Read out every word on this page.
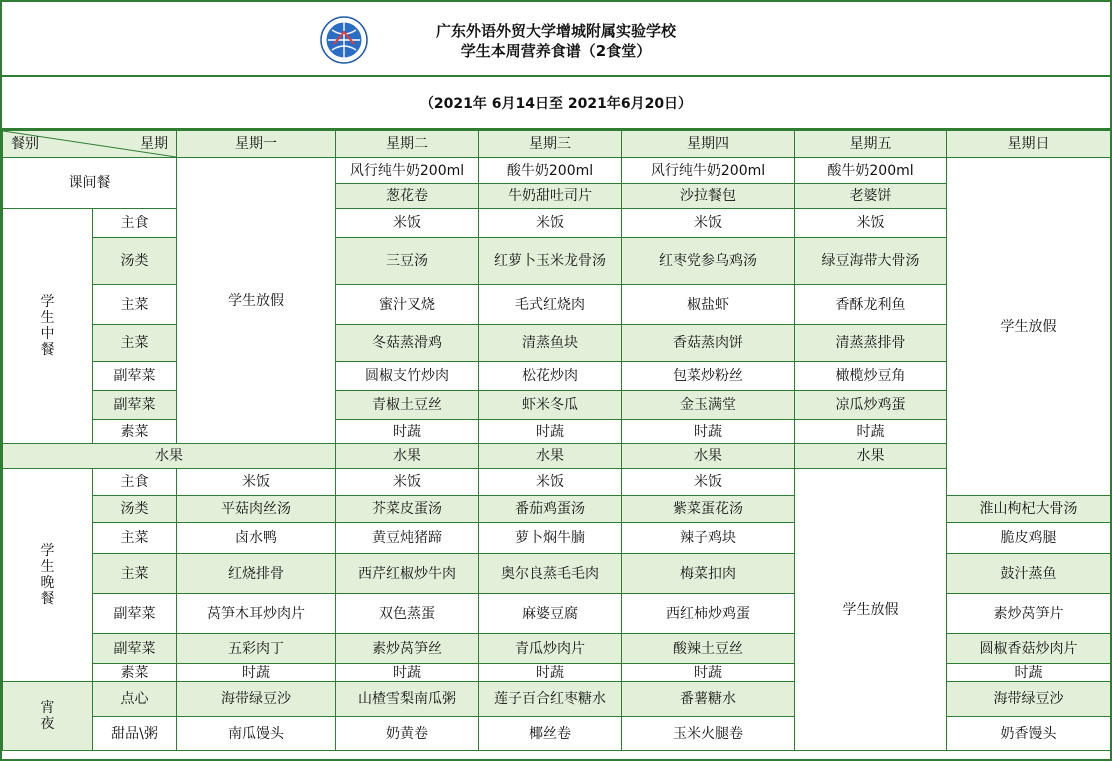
广东外语外贸大学增城附属实验学校
学生本周营养食谱（2食堂）
（2021年 6月14日至 2021年6月20日）
餐别 星期		星期一	星期二	星期三	星期四	星期五	星期日	
课间餐		学生放假	风行纯牛奶200ml	酸牛奶200ml	风行纯牛奶200ml	酸牛奶200ml	学生放假	
			葱花卷	牛奶甜吐司片	沙拉餐包	老婆饼		
学
生
中
餐	主食		米饭	米饭	米饭	米饭		
	汤类		三豆汤	红萝卜玉米龙骨汤	红枣党参乌鸡汤	绿豆海带大骨汤		
	主菜		蜜汁叉烧	毛式红烧肉	椒盐虾	香酥龙利鱼		
	主菜		冬菇蒸滑鸡	清蒸鱼块	香菇蒸肉饼	清蒸蒸排骨		
	副荤菜		圆椒支竹炒肉	松花炒肉	包菜炒粉丝	橄榄炒豆角		
	副荤菜		青椒土豆丝	虾米冬瓜	金玉满堂	凉瓜炒鸡蛋		
	素菜		时蔬	时蔬	时蔬	时蔬		
水果			水果	水果	水果	水果		
学
生
晚
餐	主食	米饭	米饭	米饭	米饭	学生放假	
	汤类	平菇肉丝汤	芥菜皮蛋汤	番茄鸡蛋汤	紫菜蛋花汤		淮山枸杞大骨汤	
	主菜	卤水鸭	黄豆炖猪蹄	萝卜焖牛腩	辣子鸡块		脆皮鸡腿	
	主菜	红烧排骨	西芹红椒炒牛肉	奥尔良蒸毛毛肉	梅菜扣肉		鼓汁蒸鱼	
	副荤菜	莴笋木耳炒肉片	双色蒸蛋	麻婆豆腐	西红柿炒鸡蛋		素炒莴笋片	
	副荤菜	五彩肉丁	素炒莴笋丝	青瓜炒肉片	酸辣土豆丝		圆椒香菇炒肉片	
	素菜	时蔬	时蔬	时蔬	时蔬		时蔬	
宵
夜	点心	海带绿豆沙	山楂雪梨南瓜粥	莲子百合红枣糖水	番薯糖水		海带绿豆沙	
	甜品\粥	南瓜馒头	奶黄卷	椰丝卷	玉米火腿卷		奶香馒头	
